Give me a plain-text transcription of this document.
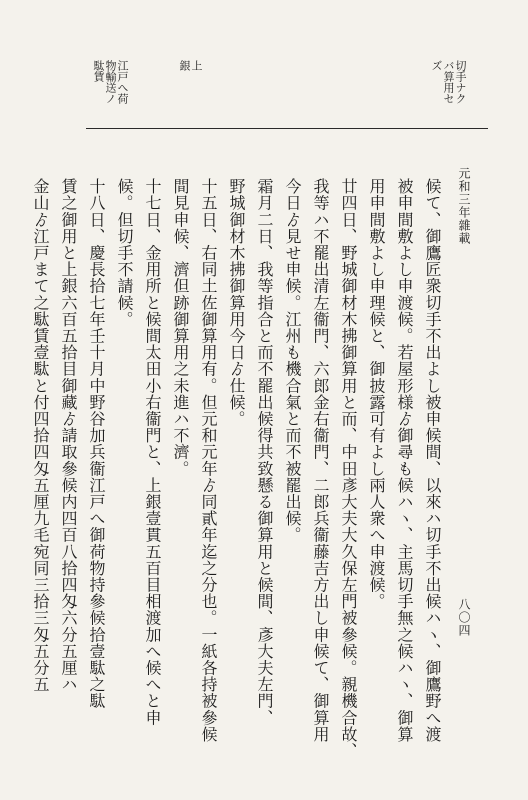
切手ナク
バ算用セ
ズ
上
銀
江戸へ荷
物輸送ノ
駄賃
元和三年雜載
八〇四
候て、御鷹匠衆切手不出よし被申候間、以來ハ切手不出候ハヽ、御鷹野へ渡
被申間敷よし申渡候。若屋形様ゟ御尋も候ハヽ、主馬切手無之候ハヽ、御算
用申間敷よし申理候と、御披露可有よし兩人衆へ申渡候。
廿四日、野城御材木拂御算用と而、中田彥大夫大久保左門被參候。親機合故、
我等ハ不罷出清左衞門、六郎金右衞門、二郎兵衞藤吉方出し申候て、御算用
今日ゟ見せ申候。江州も機合氣と而不被罷出候。
霜月二日、我等指合と而不罷出候得共致懸る御算用と候間、彥大夫左門、
野城御材木拂御算用今日ゟ仕候。
十五日、右同土佐御算用有。但元和元年ゟ同貳年迄之分也。一紙各持被參候
間見申候、濟但跡御算用之未進ハ不濟。
十七日、金用所と候間太田小右衞門と、上銀壹貫五百目相渡加へ候へと申
候。但切手不請候。
十八日、慶長拾七年壬十月中野谷加兵衞江戸へ御荷物持參候拾壹駄之駄
賃之御用と上銀六百五拾目御藏ゟ請取參候内四百八拾四匁六分五厘ハ
金山ゟ江戸まて之駄賃壹駄と付四拾四匁五厘九毛宛同三拾三匁五分五
